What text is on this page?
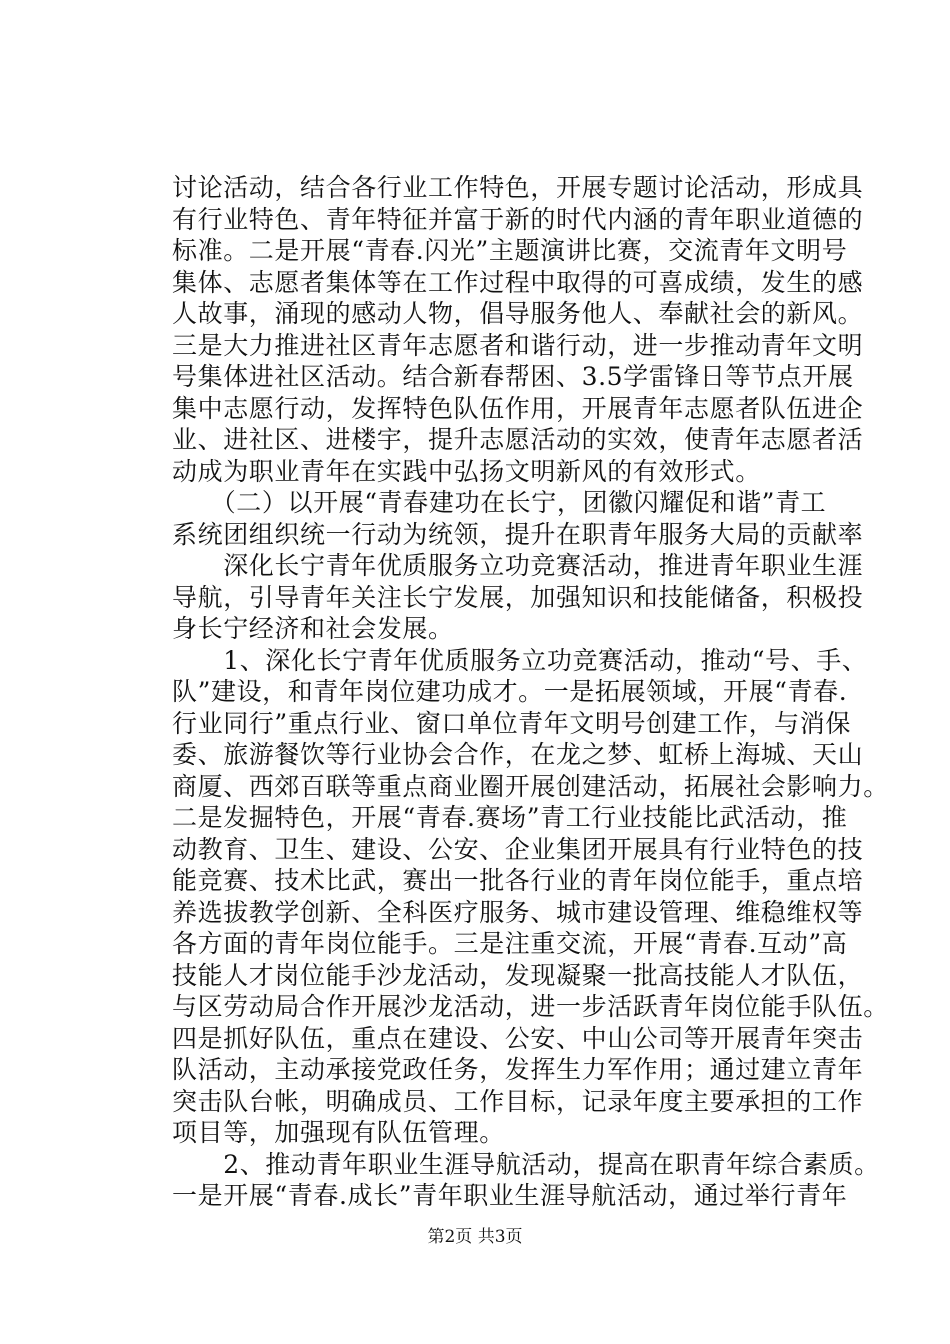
讨论活动，结合各行业工作特色，开展专题讨论活动，形成具
有行业特色、青年特征并富于新的时代内涵的青年职业道德的
标准。二是开展“青春.闪光”主题演讲比赛，交流青年文明号
集体、志愿者集体等在工作过程中取得的可喜成绩，发生的感
人故事，涌现的感动人物，倡导服务他人、奉献社会的新风。
三是大力推进社区青年志愿者和谐行动，进一步推动青年文明
号集体进社区活动。结合新春帮困、3.5学雷锋日等节点开展
集中志愿行动，发挥特色队伍作用，开展青年志愿者队伍进企
业、进社区、进楼宇，提升志愿活动的实效，使青年志愿者活
动成为职业青年在实践中弘扬文明新风的有效形式。
　　（二）以开展“青春建功在长宁，团徽闪耀促和谐”青工
系统团组织统一行动为统领，提升在职青年服务大局的贡献率
　　深化长宁青年优质服务立功竞赛活动，推进青年职业生涯
导航，引导青年关注长宁发展，加强知识和技能储备，积极投
身长宁经济和社会发展。
　　1、深化长宁青年优质服务立功竞赛活动，推动“号、手、
队”建设，和青年岗位建功成才。一是拓展领域，开展“青春.
行业同行”重点行业、窗口单位青年文明号创建工作，与消保
委、旅游餐饮等行业协会合作，在龙之梦、虹桥上海城、天山
商厦、西郊百联等重点商业圈开展创建活动，拓展社会影响力。
二是发掘特色，开展“青春.赛场”青工行业技能比武活动，推
动教育、卫生、建设、公安、企业集团开展具有行业特色的技
能竞赛、技术比武，赛出一批各行业的青年岗位能手，重点培
养选拔教学创新、全科医疗服务、城市建设管理、维稳维权等
各方面的青年岗位能手。三是注重交流，开展“青春.互动”高
技能人才岗位能手沙龙活动，发现凝聚一批高技能人才队伍，
与区劳动局合作开展沙龙活动，进一步活跃青年岗位能手队伍。
四是抓好队伍，重点在建设、公安、中山公司等开展青年突击
队活动，主动承接党政任务，发挥生力军作用；通过建立青年
突击队台帐，明确成员、工作目标，记录年度主要承担的工作
项目等，加强现有队伍管理。
　　2、推动青年职业生涯导航活动，提高在职青年综合素质。
一是开展“青春.成长”青年职业生涯导航活动，通过举行青年
第2页 共3页
